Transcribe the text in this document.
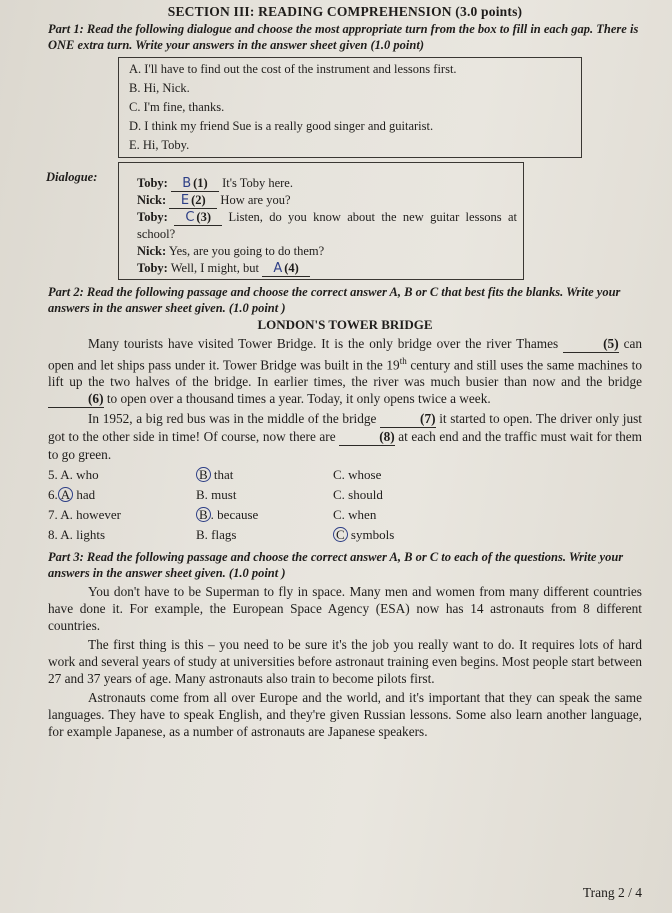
SECTION III: READING COMPREHENSION (3.0 points)

Part 1: Read the following dialogue and choose the most appropriate turn from the box to fill in each gap. There is ONE extra turn. Write your answers in the answer sheet given (1.0 point)

A. I'll have to find out the cost of the instrument and lessons first.
B. Hi, Nick.
C. I'm fine, thanks.
D. I think my friend Sue is a really good singer and guitarist.
E. Hi, Toby.
Dialogue:	Toby: B (1) It's Toby here.
Nick: E (2) How are you?
Toby: C (3) Listen, do you know about the new guitar lessons at school?
Nick: Yes, are you going to do them?
Toby: Well, I might, but A (4)

Part 2: Read the following passage and choose the correct answer A, B or C that best fits the blanks. Write your answers in the answer sheet given. (1.0 point )

LONDON'S TOWER BRIDGE

Many tourists have visited Tower Bridge. It is the only bridge over the river Thames	(5) can open and let ships pass under it. Tower Bridge was built in the 19th century and still uses the same machines to lift up the two halves of the bridge. In earlier times, the river was much busier than now and the bridge (6) to open over a thousand times a year. Today, it only opens twice a week.

In 1952, a big red bus was in the middle of the bridge	(7) it started to open. The driver only just got to the other side in time! Of course, now there are	(8) at each end and the traffic must wait for them to go green.

5. A. who	B that	C. whose
6. A had	B. must	C. should
7. A. however	B . because	C. when
8. A. lights	B. flags	C symbols

Part 3: Read the following passage and choose the correct answer A, B or C to each of the questions. Write your answers in the answer sheet given. (1.0 point )

You don't have to be Superman to fly in space. Many men and women from many different countries have done it. For example, the European Space Agency (ESA) now has 14 astronauts from 8 different countries.

The first thing is this – you need to be sure it's the job you really want to do. It requires lots of hard work and several years of study at universities before astronaut training even begins. Most people start between 27 and 37 years of age. Many astronauts also train to become pilots first.

Astronauts come from all over Europe and the world, and it's important that they can speak the same languages. They have to speak English, and they're given Russian lessons. Some also learn another language, for example Japanese, as a number of astronauts are Japanese speakers.

Trang 2 / 4
